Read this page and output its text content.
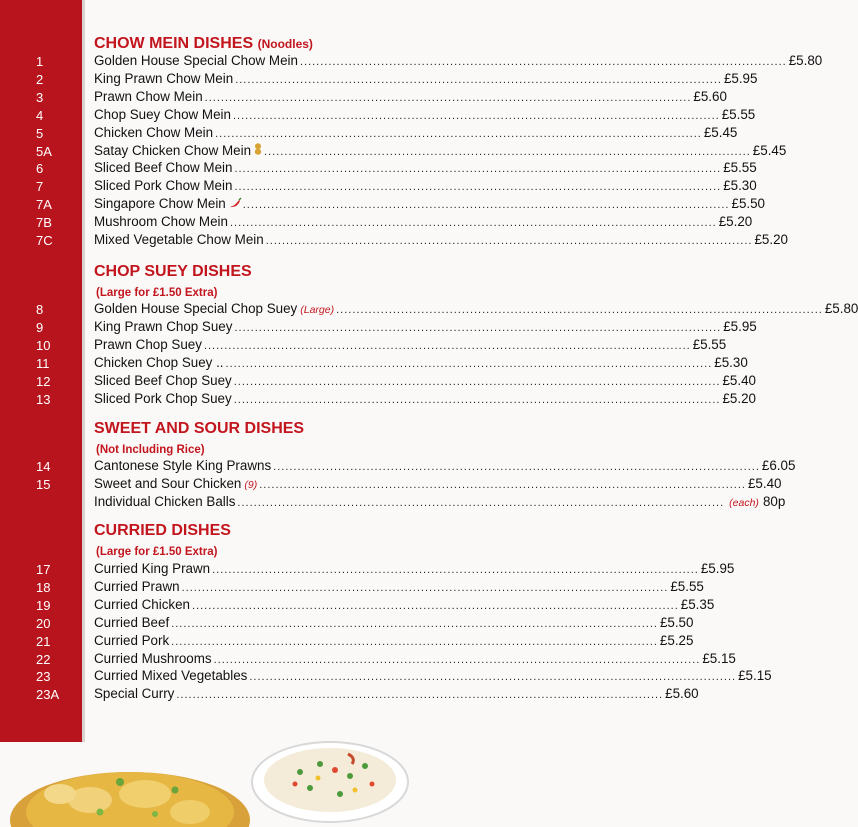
CHOW MEIN DISHES (Noodles)
1	Golden House Special Chow Mein ........................................................................................................................ £5.80
2	King Prawn Chow Mein ........................................................................................................................ £5.95
3	Prawn Chow Mein ........................................................................................................................ £5.60
4	Chop Suey Chow Mein ........................................................................................................................ £5.55
5	Chicken Chow Mein ........................................................................................................................ £5.45
5A	Satay Chicken Chow Mein ........................................................................................................................ £5.45
6	Sliced Beef Chow Mein ........................................................................................................................ £5.55
7	Sliced Pork Chow Mein ........................................................................................................................ £5.30
7A	Singapore Chow Mein ........................................................................................................................ £5.50
7B	Mushroom Chow Mein ........................................................................................................................ £5.20
7C	Mixed Vegetable Chow Mein ........................................................................................................................ £5.20
CHOP SUEY DISHES
(Large for £1.50 Extra)
8	Golden House Special Chop Suey (Large) ........................................................................................................................ £5.80
9	King Prawn Chop Suey ........................................................................................................................ £5.95
10	Prawn Chop Suey ........................................................................................................................ £5.55
11	Chicken Chop Suey .. ........................................................................................................................ £5.30
12	Sliced Beef Chop Suey ........................................................................................................................ £5.40
13	Sliced Pork Chop Suey ........................................................................................................................ £5.20
SWEET AND SOUR DISHES
(Not Including Rice)
14	Cantonese Style King Prawns ........................................................................................................................ £6.05
15	Sweet and Sour Chicken (9) ........................................................................................................................ £5.40
Individual Chicken Balls ........................................................................................................................ (each) 80p
CURRIED DISHES
(Large for £1.50 Extra)
17	Curried King Prawn ........................................................................................................................ £5.95
18	Curried Prawn ........................................................................................................................ £5.55
19	Curried Chicken ........................................................................................................................ £5.35
20	Curried Beef ........................................................................................................................ £5.50
21	Curried Pork ........................................................................................................................ £5.25
22	Curried Mushrooms ........................................................................................................................ £5.15
23	Curried Mixed Vegetables ........................................................................................................................ £5.15
23A	Special Curry ........................................................................................................................ £5.60
